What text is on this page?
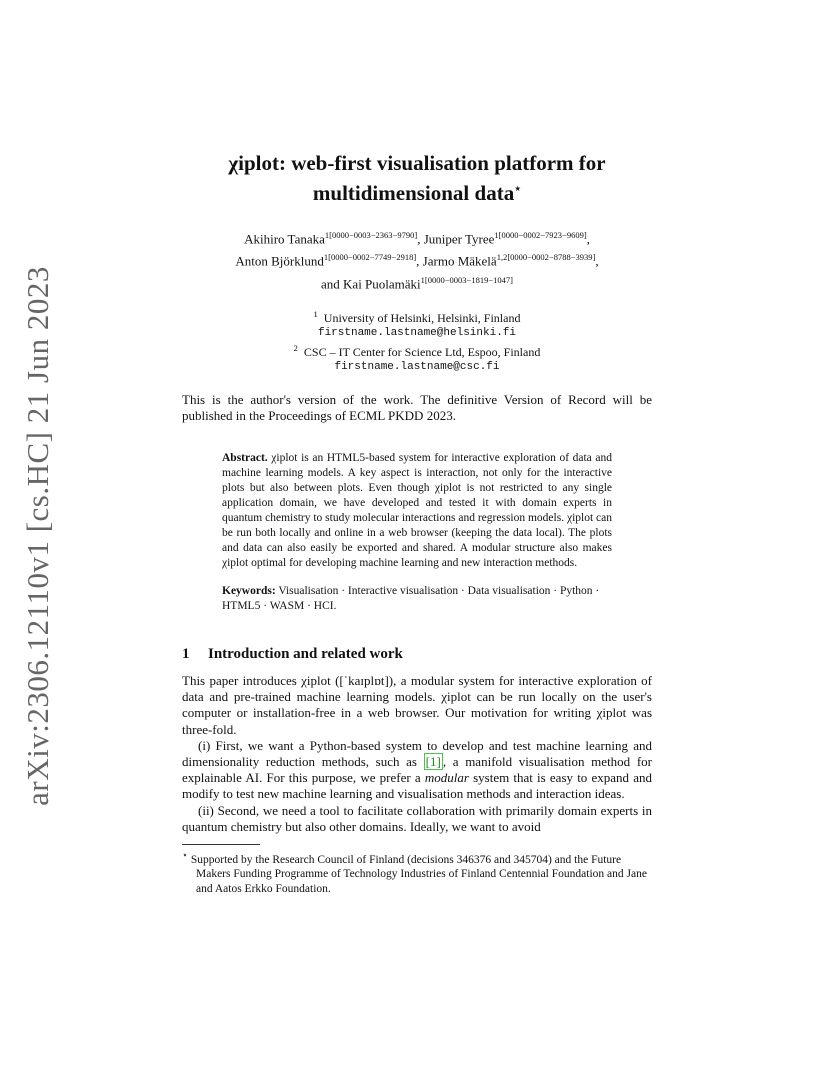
arXiv:2306.12110v1 [cs.HC] 21 Jun 2023
χiplot: web-first visualisation platform for
multidimensional data⋆
Akihiro Tanaka$^{1[0000-0003-2363-9790]}$, Juniper Tyree$^{1[0000-0002-7923-9609]}$,
Anton Björklund$^{1[0000-0002-7749-2918]}$, Jarmo Mäkelä$^{1,2[0000-0002-8788-3939]}$,
and Kai Puolamäki$^{1[0000-0003-1819-1047]}$
$^1$ University of Helsinki, Helsinki, Finland
firstname.lastname@helsinki.fi
$^2$ CSC – IT Center for Science Ltd, Espoo, Finland
firstname.lastname@csc.fi

This is the author's version of the work. The definitive Version of Record will be published in the Proceedings of ECML PKDD 2023.

Abstract. χiplot is an HTML5-based system for interactive exploration of data and machine learning models. A key aspect is interaction, not only for the interactive plots but also between plots. Even though χiplot is not restricted to any single application domain, we have developed and tested it with domain experts in quantum chemistry to study molecular interactions and regression models. χiplot can be run both locally and online in a web browser (keeping the data local). The plots and data can also easily be exported and shared. A modular structure also makes χiplot optimal for developing machine learning and new interaction methods.
Keywords: Visualisation · Interactive visualisation · Data visualisation · Python · HTML5 · WASM · HCI.
1 Introduction and related work

This paper introduces χiplot ([ˈkaɪplɒt]), a modular system for interactive exploration of data and pre-trained machine learning models. χiplot can be run locally on the user's computer or installation-free in a web browser. Our motivation for writing χiplot was three-fold.

(i) First, we want a Python-based system to develop and test machine learning and dimensionality reduction methods, such as [1] , a manifold visualisation method for explainable AI. For this purpose, we prefer a modular system that is easy to expand and modify to test new machine learning and visualisation methods and interaction ideas.

(ii) Second, we need a tool to facilitate collaboration with primarily domain experts in quantum chemistry but also other domains. Ideally, we want to avoid

⋆ Supported by the Research Council of Finland (decisions 346376 and 345704) and the Future Makers Funding Programme of Technology Industries of Finland Centennial Foundation and Jane and Aatos Erkko Foundation.
